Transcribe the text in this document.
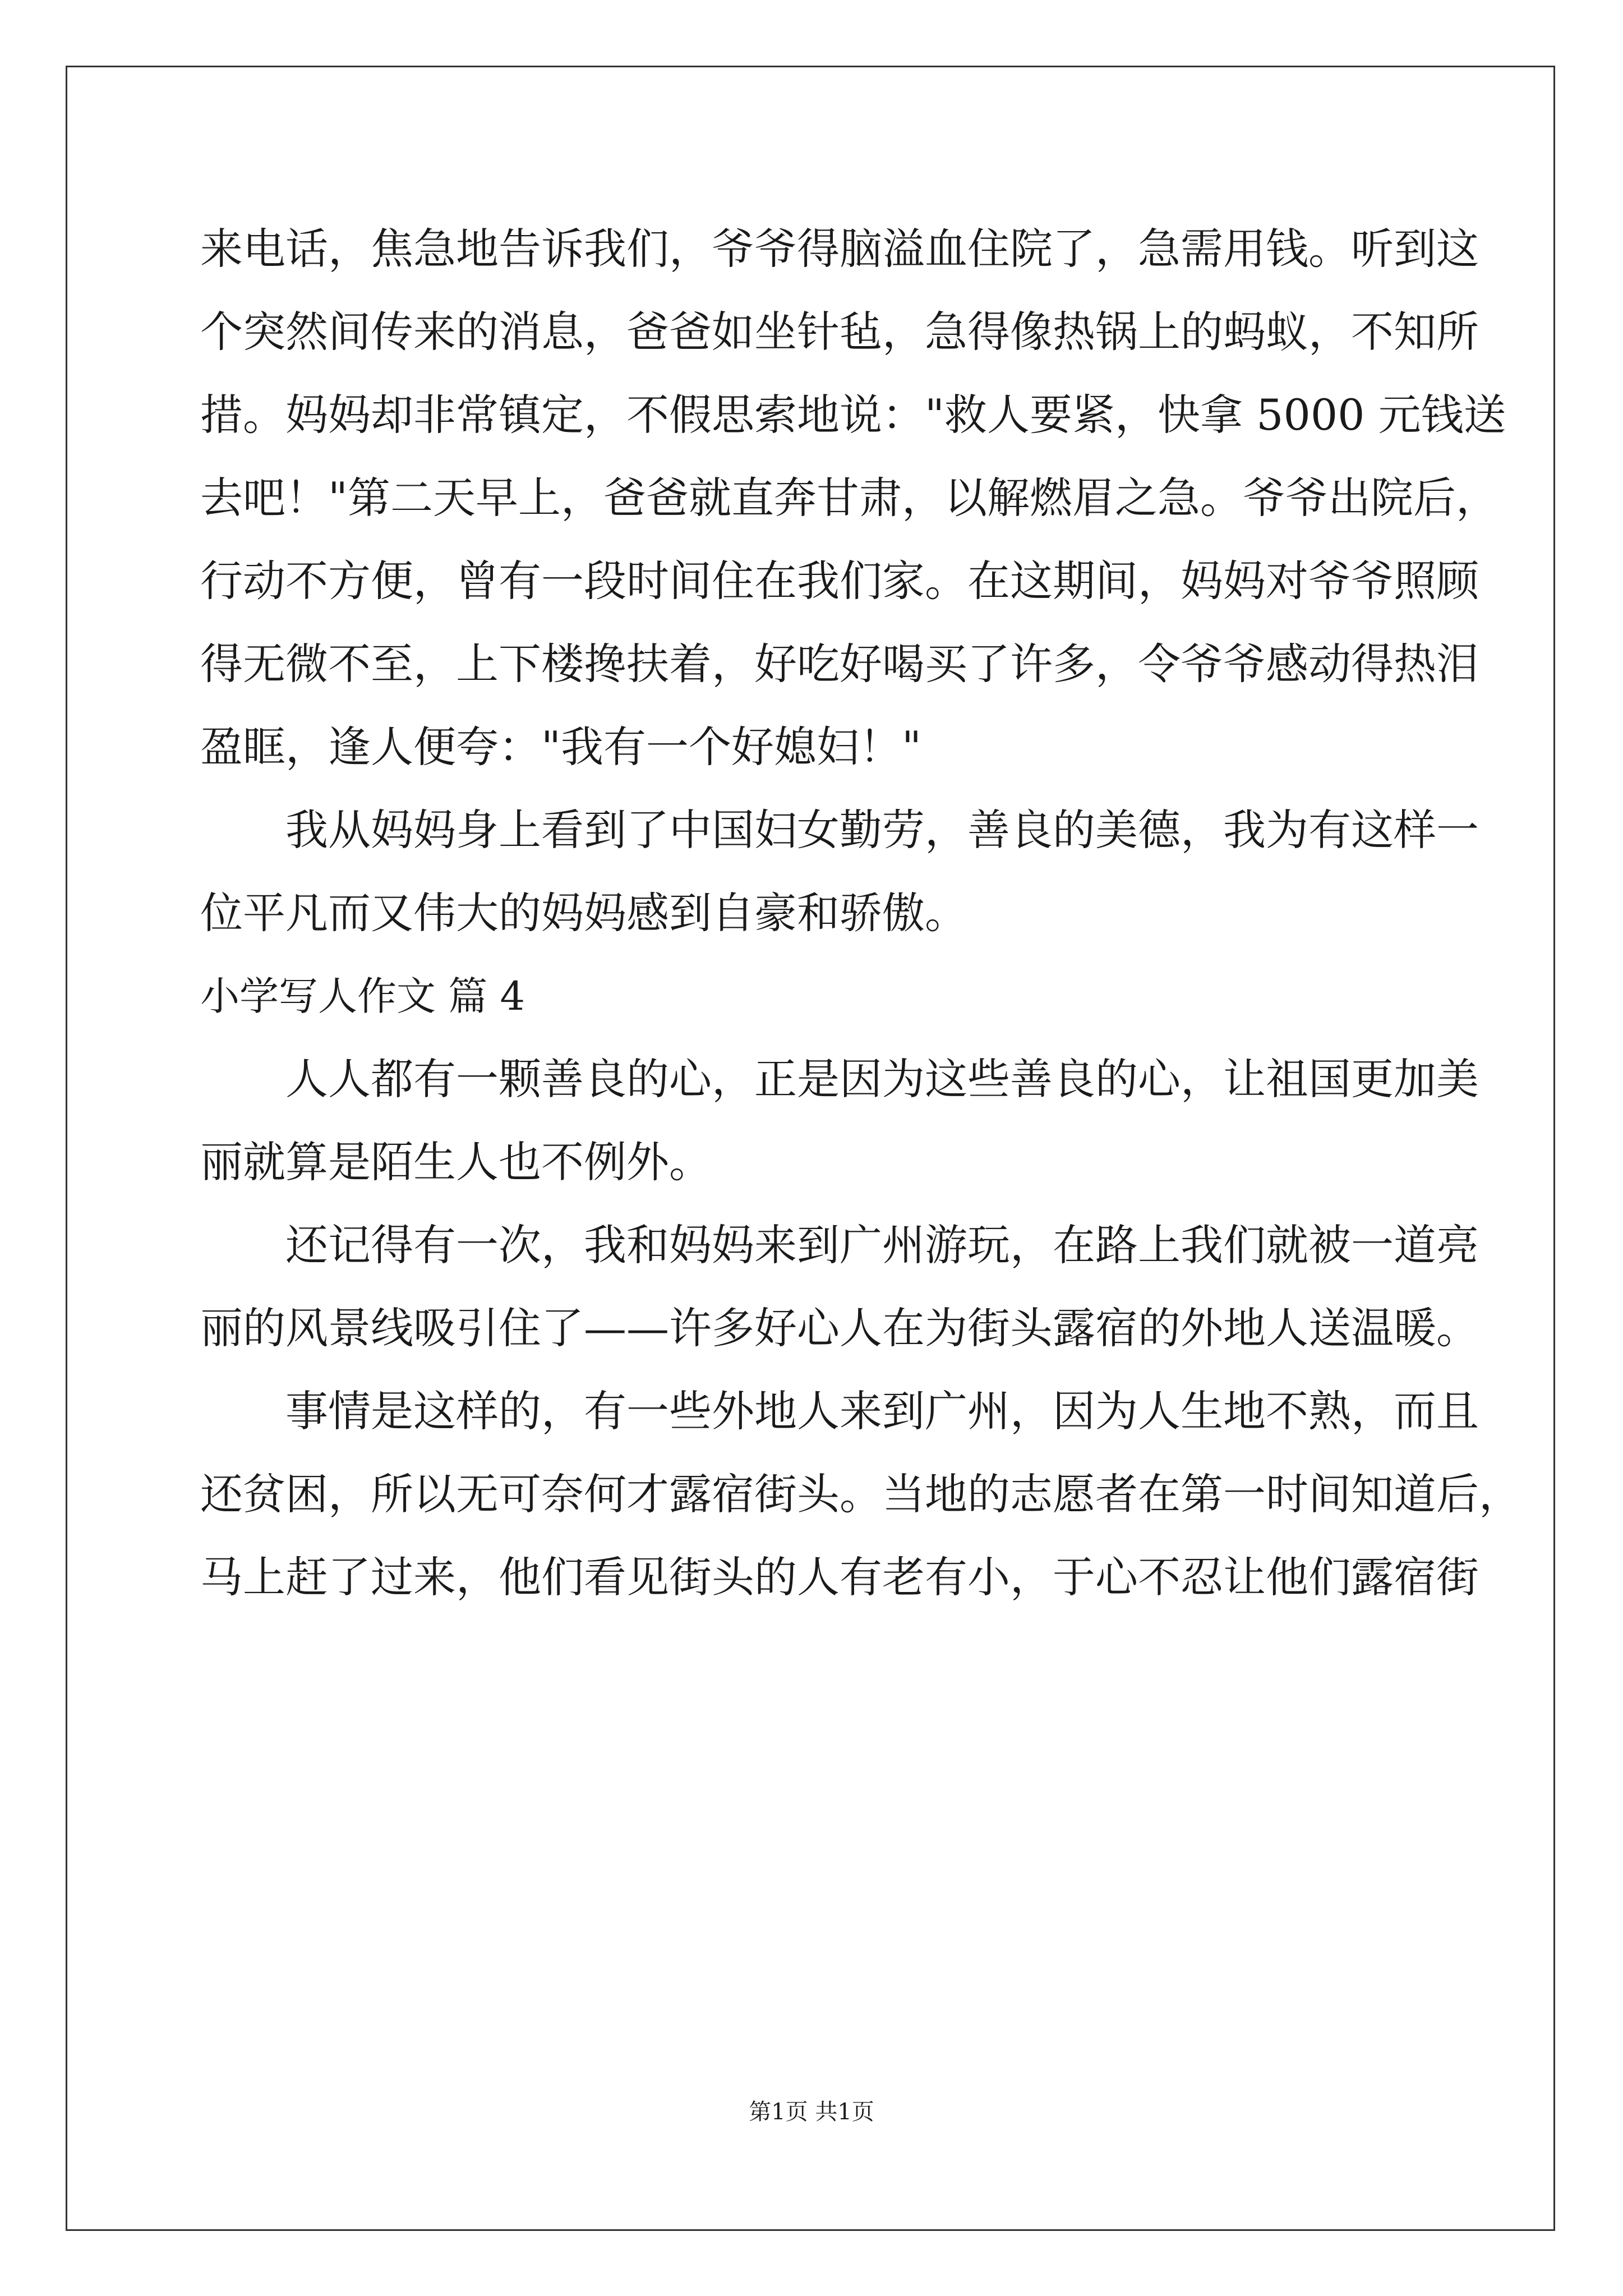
来电话，焦急地告诉我们，爷爷得脑溢血住院了，急需用钱。听到这
个突然间传来的消息，爸爸如坐针毡，急得像热锅上的蚂蚁，不知所
措。妈妈却非常镇定，不假思索地说："救人要紧，快拿 5000 元钱送
去吧！"第二天早上，爸爸就直奔甘肃，以解燃眉之急。爷爷出院后，
行动不方便，曾有一段时间住在我们家。在这期间，妈妈对爷爷照顾
得无微不至，上下楼搀扶着，好吃好喝买了许多，令爷爷感动得热泪
盈眶，逢人便夸："我有一个好媳妇！"
我从妈妈身上看到了中国妇女勤劳，善良的美德，我为有这样一
位平凡而又伟大的妈妈感到自豪和骄傲。
小学写人作文 篇 4
人人都有一颗善良的心，正是因为这些善良的心，让祖国更加美
丽就算是陌生人也不例外。
还记得有一次，我和妈妈来到广州游玩，在路上我们就被一道亮
丽的风景线吸引住了——许多好心人在为街头露宿的外地人送温暖。
事情是这样的，有一些外地人来到广州，因为人生地不熟，而且
还贫困，所以无可奈何才露宿街头。当地的志愿者在第一时间知道后，
马上赶了过来，他们看见街头的人有老有小，于心不忍让他们露宿街
第1页 共1页
